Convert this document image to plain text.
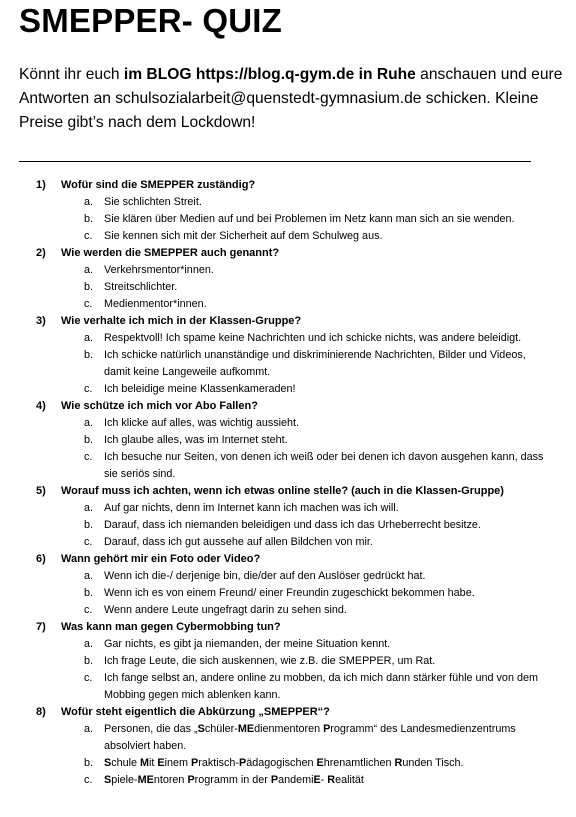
SMEPPER- QUIZ
Könnt ihr euch im BLOG https://blog.q-gym.de in Ruhe anschauen und eure Antworten an schulsozialarbeit@quenstedt-gymnasium.de schicken. Kleine Preise gibt’s nach dem Lockdown!
1) Wofür sind die SMEPPER zuständig?
a. Sie schlichten Streit.
b. Sie klären über Medien auf und bei Problemen im Netz kann man sich an sie wenden.
c. Sie kennen sich mit der Sicherheit auf dem Schulweg aus.
2) Wie werden die SMEPPER auch genannt?
a. Verkehrsmentor*innen.
b. Streitschlichter.
c. Medienmentor*innen.
3) Wie verhalte ich mich in der Klassen-Gruppe?
a. Respektvoll! Ich spame keine Nachrichten und ich schicke nichts, was andere beleidigt.
b. Ich schicke natürlich unanständige und diskriminierende Nachrichten, Bilder und Videos, damit keine Langeweile aufkommt.
c. Ich beleidige meine Klassenkameraden!
4) Wie schütze ich mich vor Abo Fallen?
a. Ich klicke auf alles, was wichtig aussieht.
b. Ich glaube alles, was im Internet steht.
c. Ich besuche nur Seiten, von denen ich weiß oder bei denen ich davon ausgehen kann, dass sie seriös sind.
5) Worauf muss ich achten, wenn ich etwas online stelle? (auch in die Klassen-Gruppe)
a. Auf gar nichts, denn im Internet kann ich machen was ich will.
b. Darauf, dass ich niemanden beleidigen und dass ich das Urheberrecht besitze.
c. Darauf, dass ich gut aussehe auf allen Bildchen von mir.
6) Wann gehört mir ein Foto oder Video?
a. Wenn ich die-/ derjenige bin, die/der auf den Auslöser gedrückt hat.
b. Wenn ich es von einem Freund/ einer Freundin zugeschickt bekommen habe.
c. Wenn andere Leute ungefragt darin zu sehen sind.
7) Was kann man gegen Cybermobbing tun?
a. Gar nichts, es gibt ja niemanden, der meine Situation kennt.
b. Ich frage Leute, die sich auskennen, wie z.B. die SMEPPER, um Rat.
c. Ich fange selbst an, andere online zu mobben, da ich mich dann stärker fühle und von dem Mobbing gegen mich ablenken kann.
8) Wofür steht eigentlich die Abkürzung „SMEPPER“?
a. Personen, die das „Schüler-MEdienmentoren Programm“ des Landesmedienzentrums absolviert haben.
b. Schule Mit Einem Praktisch-Pädagogischen Ehrenamtlichen Runden Tisch.
c. Spiele-MEntoren Programm in der PandemiE- Realität
